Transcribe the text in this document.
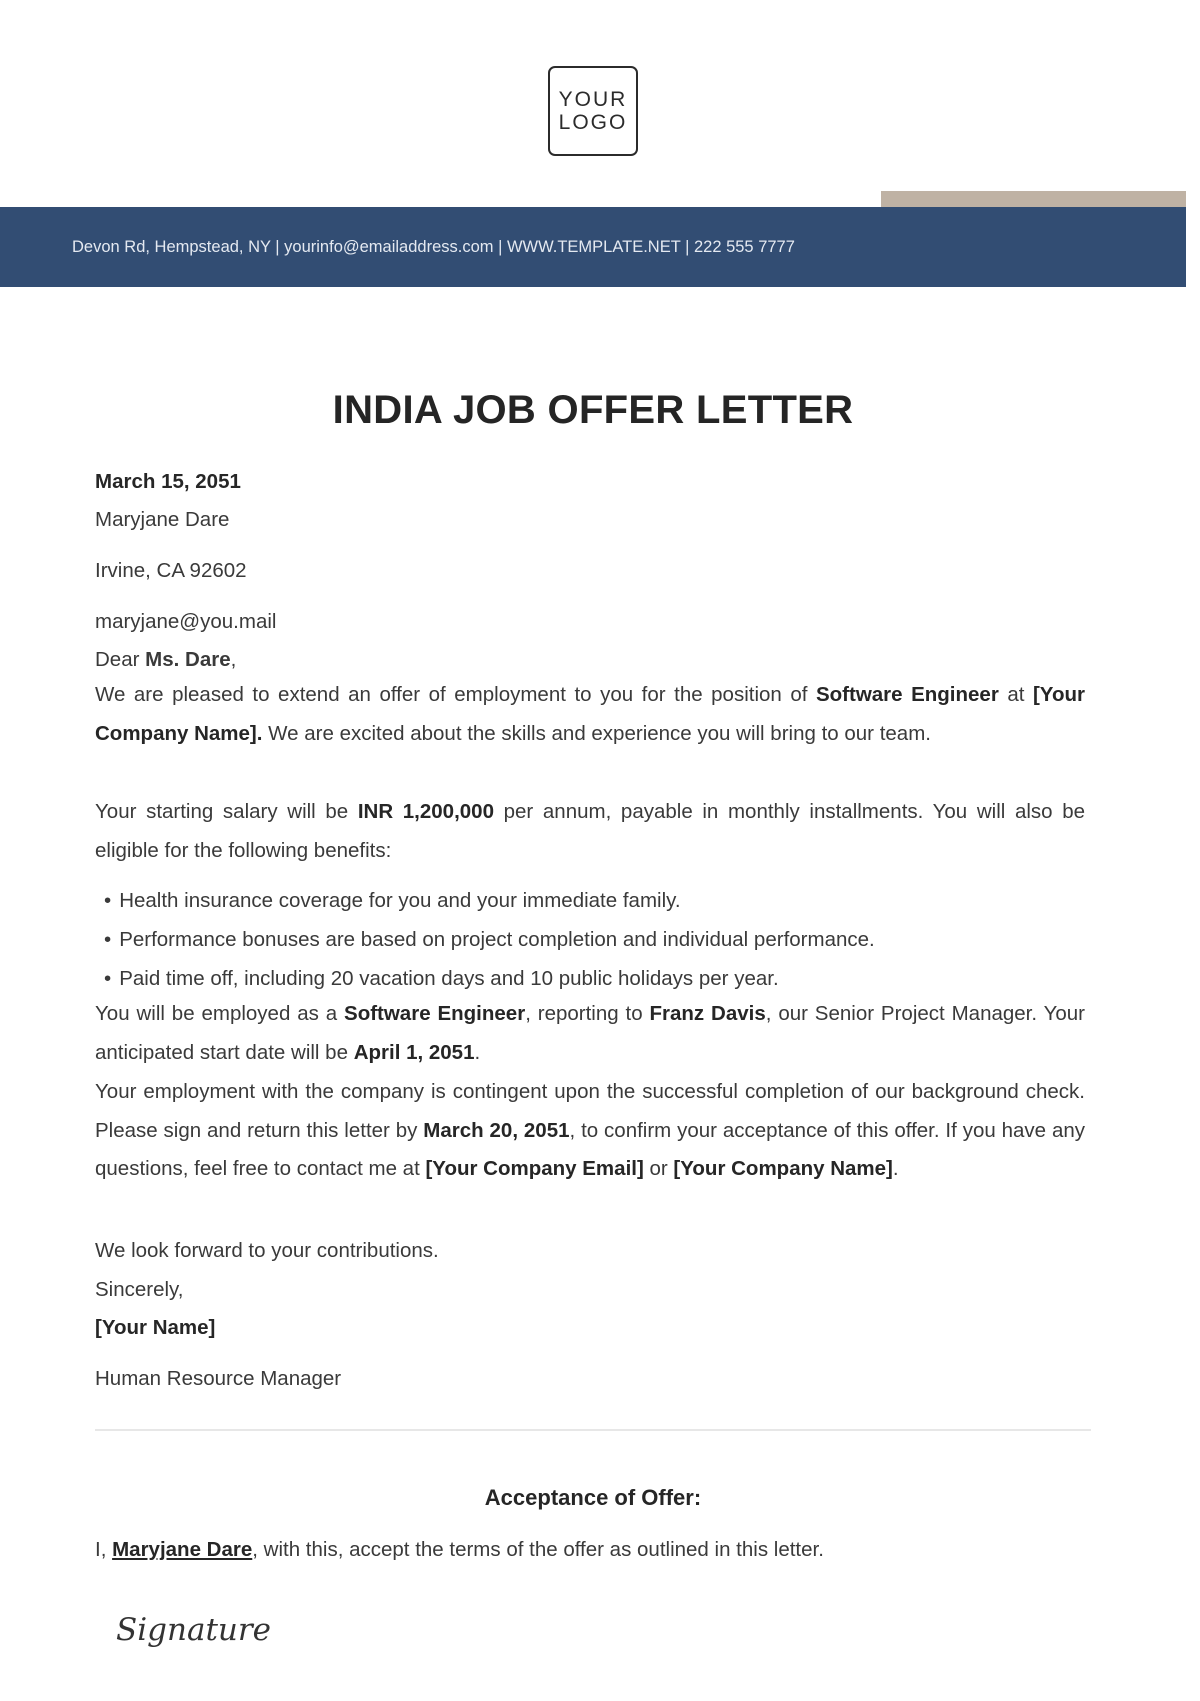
YOUR
LOGO
Devon Rd, Hempstead, NY | yourinfo@emailaddress.com | WWW.TEMPLATE.NET | 222 555 7777
INDIA JOB OFFER LETTER
March 15, 2051
Maryjane Dare
Irvine, CA 92602
maryjane@you.mail
Dear Ms. Dare,

We are pleased to extend an offer of employment to you for the position of Software Engineer at [Your Company Name]. We are excited about the skills and experience you will bring to our team.

Your starting salary will be INR 1,200,000 per annum, payable in monthly installments. You will also be eligible for the following benefits:

• Health insurance coverage for you and your immediate family.
• Performance bonuses are based on project completion and individual performance.
• Paid time off, including 20 vacation days and 10 public holidays per year.

You will be employed as a Software Engineer, reporting to Franz Davis, our Senior Project Manager. Your anticipated start date will be April 1, 2051.

Your employment with the company is contingent upon the successful completion of our background check. Please sign and return this letter by March 20, 2051, to confirm your acceptance of this offer. If you have any questions, feel free to contact me at [Your Company Email] or [Your Company Name].

We look forward to your contributions.
Sincerely,
[Your Name]
Human Resource Manager
Acceptance of Offer:
I, Maryjane Dare, with this, accept the terms of the offer as outlined in this letter.
Signature
